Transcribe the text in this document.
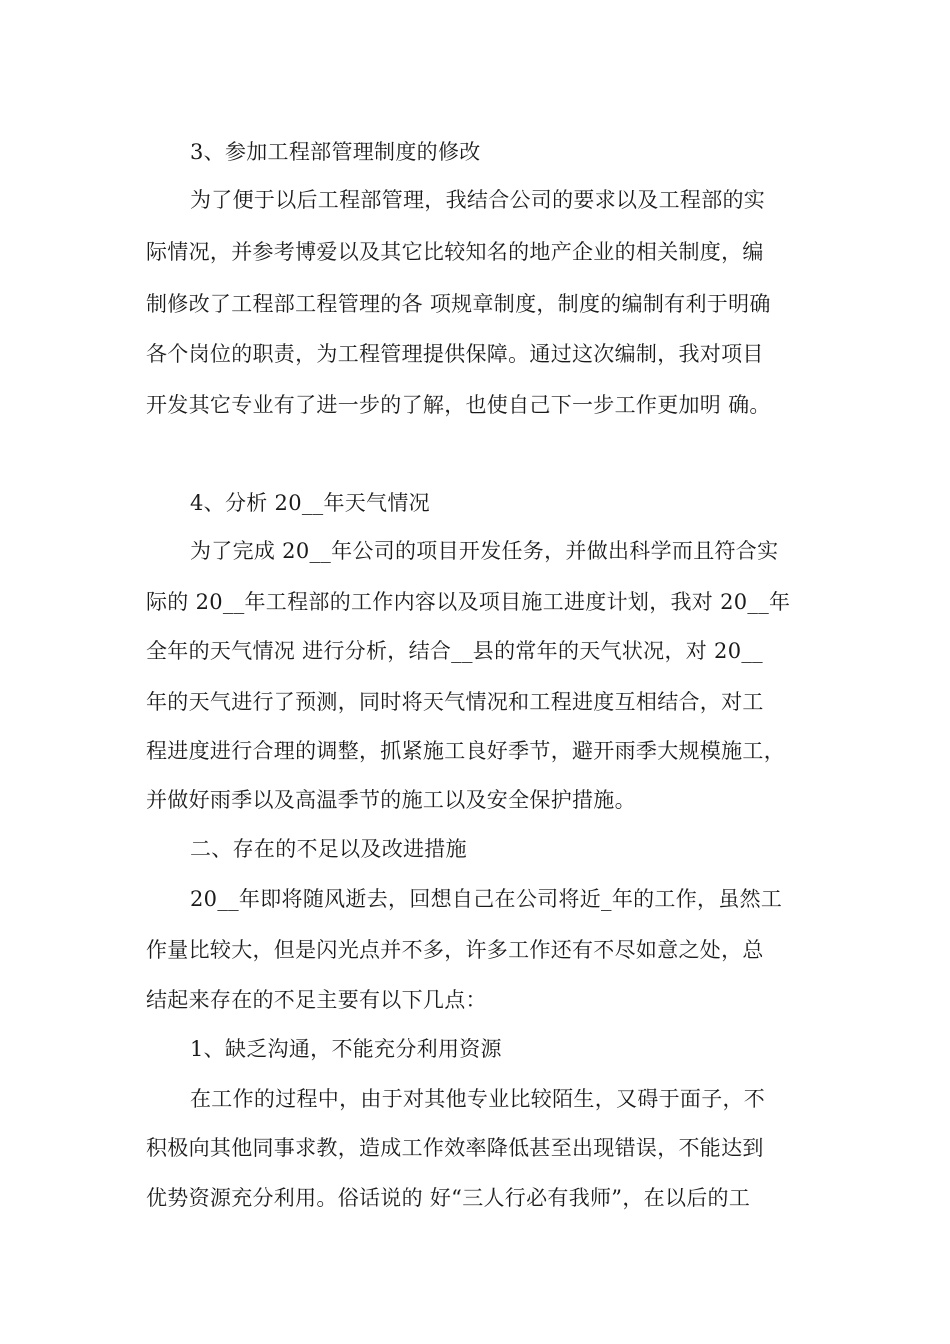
3、参加工程部管理制度的修改
为了便于以后工程部管理，我结合公司的要求以及工程部的实
际情况，并参考博爱以及其它比较知名的地产企业的相关制度，编
制修改了工程部工程管理的各 项规章制度，制度的编制有利于明确
各个岗位的职责，为工程管理提供保障。通过这次编制，我对项目
开发其它专业有了进一步的了解，也使自己下一步工作更加明 确。
4、分析 20__年天气情况
为了完成 20__年公司的项目开发任务，并做出科学而且符合实
际的 20__年工程部的工作内容以及项目施工进度计划，我对 20__年
全年的天气情况 进行分析，结合__县的常年的天气状况，对 20__
年的天气进行了预测，同时将天气情况和工程进度互相结合，对工
程进度进行合理的调整，抓紧施工良好季节，避开雨季大规模施工，
并做好雨季以及高温季节的施工以及安全保护措施。
二、存在的不足以及改进措施
20__年即将随风逝去，回想自己在公司将近_年的工作，虽然工
作量比较大，但是闪光点并不多，许多工作还有不尽如意之处，总
结起来存在的不足主要有以下几点：
1、缺乏沟通，不能充分利用资源
在工作的过程中，由于对其他专业比较陌生，又碍于面子，不
积极向其他同事求教，造成工作效率降低甚至出现错误，不能达到
优势资源充分利用。俗话说的 好“三人行必有我师”，在以后的工
